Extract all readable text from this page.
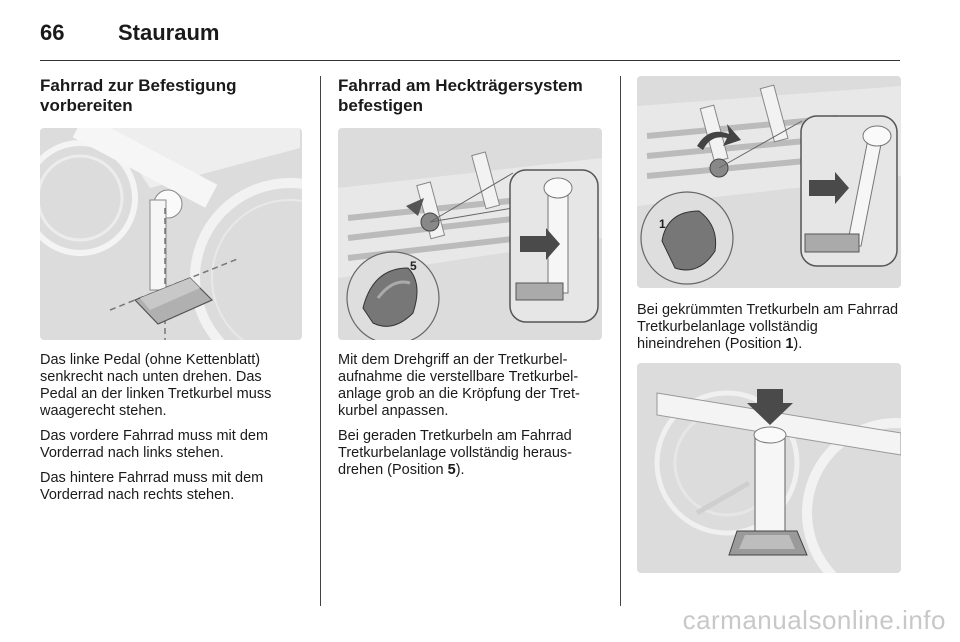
66 Stauraum
Fahrrad zur Befestigung vorbereiten

Das linke Pedal (ohne Kettenblatt) senkrecht nach unten drehen. Das Pedal an der linken Tretkurbel muss waagerecht stehen.

Das vordere Fahrrad muss mit dem Vorderrad nach links stehen.

Das hintere Fahrrad muss mit dem Vorderrad nach rechts stehen.

Fahrrad am Heckträgersystem befestigen
5

Mit dem Drehgriff an der Tretkurbel-aufnahme die verstellbare Tretkurbel-anlage grob an die Kröpfung der Tret-kurbel anpassen.

Bei geraden Tretkurbeln am Fahrrad Tretkurbelanlage vollständig heraus-drehen (Position 5).

1

Bei gekrümmten Tretkurbeln am Fahrrad Tretkurbelanlage vollständig hineindrehen (Position 1).

carmanualsonline.info
